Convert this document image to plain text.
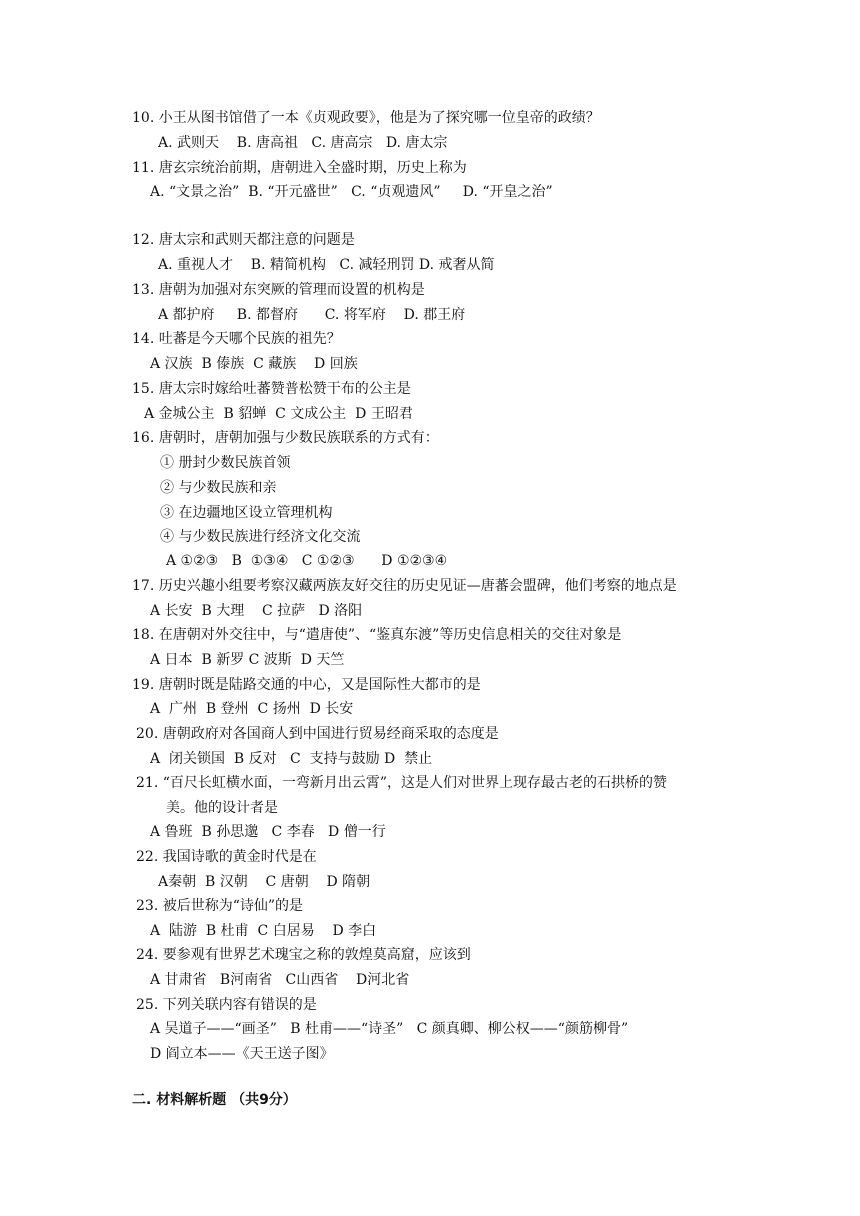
10. 小王从图书馆借了一本《贞观政要》，他是为了探究哪一位皇帝的政绩？
A. 武则天    B. 唐高祖   C. 唐高宗   D. 唐太宗
11. 唐玄宗统治前期，唐朝进入全盛时期，历史上称为
A. “文景之治”  B. “开元盛世”   C. “贞观遗风”     D. “开皇之治”
12. 唐太宗和武则天都注意的问题是
A. 重视人才    B. 精简机构   C. 减轻刑罚 D. 戒奢从简
13. 唐朝为加强对东突厥的管理而设置的机构是
A 都护府     B. 都督府      C. 将军府    D. 郡王府
14. 吐蕃是今天哪个民族的祖先？
A 汉族  B 傣族  C 藏族    D 回族
15. 唐太宗时嫁给吐蕃赞普松赞干布的公主是
A 金城公主  B 貂蝉  C 文成公主  D 王昭君
16. 唐朝时，唐朝加强与少数民族联系的方式有：
① 册封少数民族首领
② 与少数民族和亲
③ 在边疆地区设立管理机构
④ 与少数民族进行经济文化交流
A ①②③   B  ①③④   C ①②③      D ①②③④
17. 历史兴趣小组要考察汉藏两族友好交往的历史见证—唐蕃会盟碑，他们考察的地点是
A 长安  B 大理    C 拉萨   D 洛阳
18. 在唐朝对外交往中，与“遣唐使”、“鉴真东渡”等历史信息相关的交往对象是
A 日本  B 新罗 C 波斯  D 天竺
19. 唐朝时既是陆路交通的中心，又是国际性大都市的是
A  广州  B 登州  C 扬州  D 长安
20. 唐朝政府对各国商人到中国进行贸易经商采取的态度是
A  闭关锁国  B 反对   C  支持与鼓励 D  禁止
21. “百尺长虹横水面，一弯新月出云霄”，这是人们对世界上现存最古老的石拱桥的赞
美。他的设计者是
A 鲁班  B 孙思邈   C 李春   D 僧一行
22. 我国诗歌的黄金时代是在
A秦朝  B 汉朝    C 唐朝    D 隋朝
23. 被后世称为“诗仙”的是
A  陆游  B 杜甫  C 白居易    D 李白
24. 要参观有世界艺术瑰宝之称的敦煌莫高窟，应该到
A 甘肃省   B河南省   C山西省    D河北省
25. 下列关联内容有错误的是
A 吴道子——“画圣”   B 杜甫——“诗圣”   C 颜真卿、柳公权——“颜筋柳骨”
D 阎立本——《天王送子图》
二. 材料解析题 （共9分）
